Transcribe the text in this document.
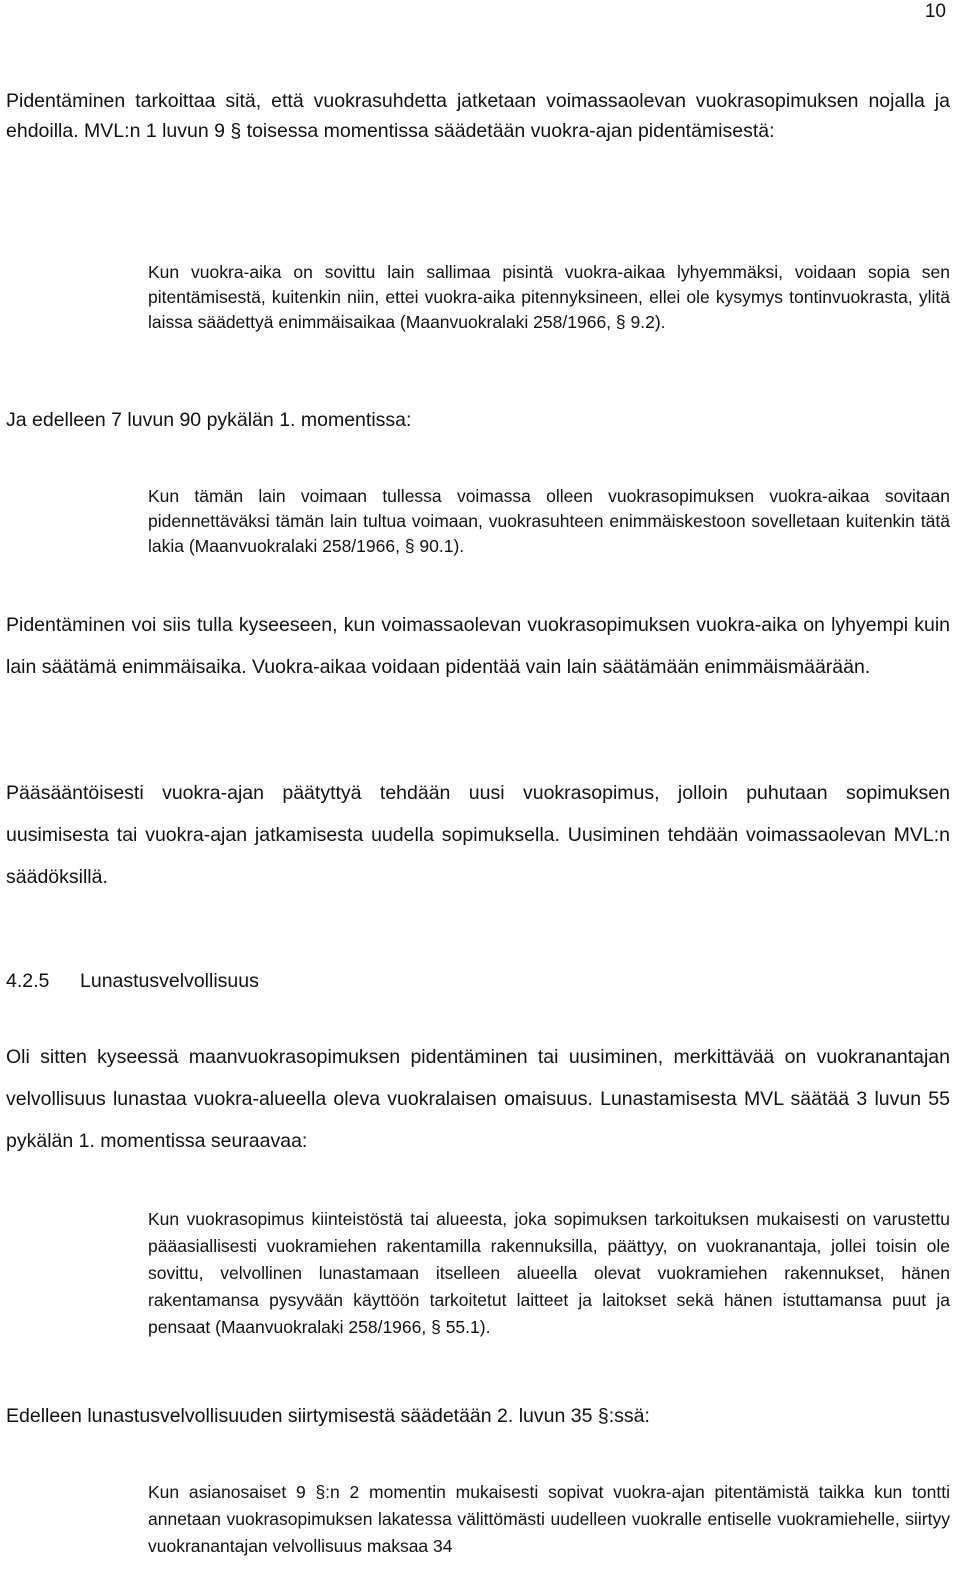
10

Pidentäminen tarkoittaa sitä, että vuokrasuhdetta jatketaan voimassaolevan vuokrasopimuksen nojalla ja ehdoilla. MVL:n 1 luvun 9 § toisessa momentissa säädetään vuokra-ajan pidentämisestä:

Kun vuokra-aika on sovittu lain sallimaa pisintä vuokra-aikaa lyhyemmäksi, voidaan sopia sen pitentämisestä, kuitenkin niin, ettei vuokra-aika pitennyksineen, ellei ole kysymys tontinvuokrasta, ylitä laissa säädettyä enimmäisaikaa (Maanvuokralaki 258/1966, § 9.2).

Ja edelleen 7 luvun 90 pykälän 1. momentissa:

Kun tämän lain voimaan tullessa voimassa olleen vuokrasopimuksen vuokra-aikaa sovitaan pidennettäväksi tämän lain tultua voimaan, vuokrasuhteen enimmäiskestoon sovelletaan kuitenkin tätä lakia (Maanvuokralaki 258/1966, § 90.1).

Pidentäminen voi siis tulla kyseeseen, kun voimassaolevan vuokrasopimuksen vuokra-aika on lyhyempi kuin lain säätämä enimmäisaika. Vuokra-aikaa voidaan pidentää vain lain säätämään enimmäismäärään.

Pääsääntöisesti vuokra-ajan päätyttyä tehdään uusi vuokrasopimus, jolloin puhutaan sopimuksen uusimisesta tai vuokra-ajan jatkamisesta uudella sopimuksella. Uusiminen tehdään voimassaolevan MVL:n säädöksillä.

4.2.5 Lunastusvelvollisuus

Oli sitten kyseessä maanvuokrasopimuksen pidentäminen tai uusiminen, merkittävää on vuokranantajan velvollisuus lunastaa vuokra-alueella oleva vuokralaisen omaisuus. Lunastamisesta MVL säätää 3 luvun 55 pykälän 1. momentissa seuraavaa:

Kun vuokrasopimus kiinteistöstä tai alueesta, joka sopimuksen tarkoituksen mukaisesti on varustettu pääasiallisesti vuokramiehen rakentamilla rakennuksilla, päättyy, on vuokranantaja, jollei toisin ole sovittu, velvollinen lunastamaan itselleen alueella olevat vuokramiehen rakennukset, hänen rakentamansa pysyvään käyttöön tarkoitetut laitteet ja laitokset sekä hänen istuttamansa puut ja pensaat (Maanvuokralaki 258/1966, § 55.1).

Edelleen lunastusvelvollisuuden siirtymisestä säädetään 2. luvun 35 §:ssä:

Kun asianosaiset 9 §:n 2 momentin mukaisesti sopivat vuokra-ajan pitentämistä taikka kun tontti annetaan vuokrasopimuksen lakatessa välittömästi uudelleen vuokralle entiselle vuokramiehelle, siirtyy vuokranantajan velvollisuus maksaa 34
